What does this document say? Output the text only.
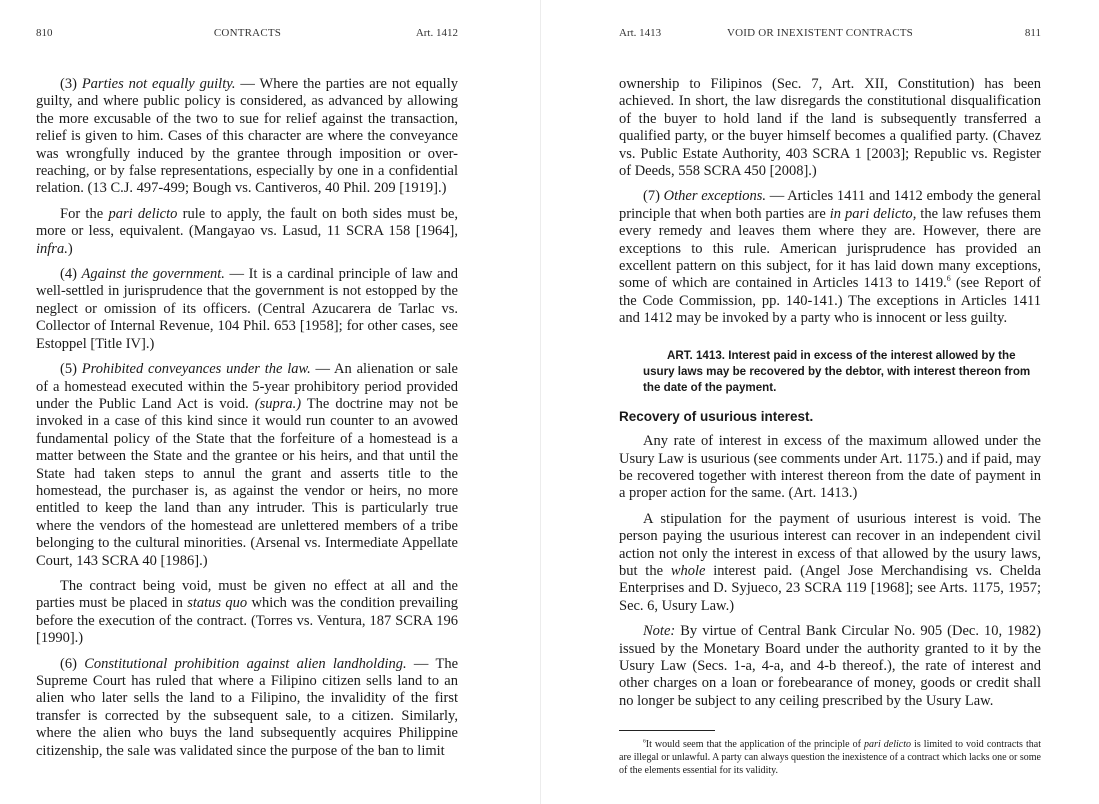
810	CONTRACTS	Art. 1412

(3) Parties not equally guilty. — Where the parties are not equally guilty, and where public policy is considered, as advanced by allowing the more excusable of the two to sue for relief against the transaction, relief is given to him. Cases of this character are where the conveyance was wrongfully induced by the grantee through imposition or over-reaching, or by false representations, especially by one in a confidential relation. (13 C.J. 497-499; Bough vs. Cantiveros, 40 Phil. 209 [1919].)

For the pari delicto rule to apply, the fault on both sides must be, more or less, equivalent. (Mangayao vs. Lasud, 11 SCRA 158 [1964], infra.)

(4) Against the government. — It is a cardinal principle of law and well-settled in jurisprudence that the government is not estopped by the neglect or omission of its officers. (Central Azucarera de Tarlac vs. Collector of Internal Revenue, 104 Phil. 653 [1958]; for other cases, see Estoppel [Title IV].)

(5) Prohibited conveyances under the law. — An alienation or sale of a homestead executed within the 5-year prohibitory period provided under the Public Land Act is void. (supra.) The doctrine may not be invoked in a case of this kind since it would run counter to an avowed fundamental policy of the State that the forfeiture of a homestead is a matter between the State and the grantee or his heirs, and that until the State had taken steps to annul the grant and asserts title to the homestead, the purchaser is, as against the vendor or heirs, no more entitled to keep the land than any intruder. This is particularly true where the vendors of the homestead are unlettered members of a tribe belonging to the cultural minorities. (Arsenal vs. Intermediate Appellate Court, 143 SCRA 40 [1986].)

The contract being void, must be given no effect at all and the parties must be placed in status quo which was the condition prevailing before the execution of the contract. (Torres vs. Ventura, 187 SCRA 196 [1990].)

(6) Constitutional prohibition against alien landholding. — The Supreme Court has ruled that where a Filipino citizen sells land to an alien who later sells the land to a Filipino, the invalidity of the first transfer is corrected by the subsequent sale, to a citizen. Similarly, where the alien who buys the land subsequently acquires Philippine citizenship, the sale was validated since the purpose of the ban to limit

Art. 1413	VOID OR INEXISTENT CONTRACTS	811

ownership to Filipinos (Sec. 7, Art. XII, Constitution) has been achieved. In short, the law disregards the constitutional disqualification of the buyer to hold land if the land is subsequently transferred a qualified party, or the buyer himself becomes a qualified party. (Chavez vs. Public Estate Authority, 403 SCRA 1 [2003]; Republic vs. Register of Deeds, 558 SCRA 450 [2008].)

(7) Other exceptions. — Articles 1411 and 1412 embody the general principle that when both parties are in pari delicto, the law refuses them every remedy and leaves them where they are. However, there are exceptions to this rule. American jurisprudence has provided an excellent pattern on this subject, for it has laid down many exceptions, some of which are contained in Articles 1413 to 1419.$^6$ (see Report of the Code Commission, pp. 140-141.) The exceptions in Articles 1411 and 1412 may be invoked by a party who is innocent or less guilty.

ART. 1413. Interest paid in excess of the interest allowed by the usury laws may be recovered by the debtor, with interest thereon from the date of the payment.

Recovery of usurious interest.

Any rate of interest in excess of the maximum allowed under the Usury Law is usurious (see comments under Art. 1175.) and if paid, may be recovered together with interest thereon from the date of payment in a proper action for the same. (Art. 1413.)

A stipulation for the payment of usurious interest is void. The person paying the usurious interest can recover in an independent civil action not only the interest in excess of that allowed by the usury laws, but the whole interest paid. (Angel Jose Merchandising vs. Chelda Enterprises and D. Syjueco, 23 SCRA 119 [1968]; see Arts. 1175, 1957; Sec. 6, Usury Law.)

Note: By virtue of Central Bank Circular No. 905 (Dec. 10, 1982) issued by the Monetary Board under the authority granted to it by the Usury Law (Secs. 1-a, 4-a, and 4-b thereof.), the rate of interest and other charges on a loan or forebearance of money, goods or credit shall no longer be subject to any ceiling prescribed by the Usury Law.

$^6$It would seem that the application of the principle of pari delicto is limited to void contracts that are illegal or unlawful. A party can always question the inexistence of a contract which lacks one or some of the elements essential for its validity.
